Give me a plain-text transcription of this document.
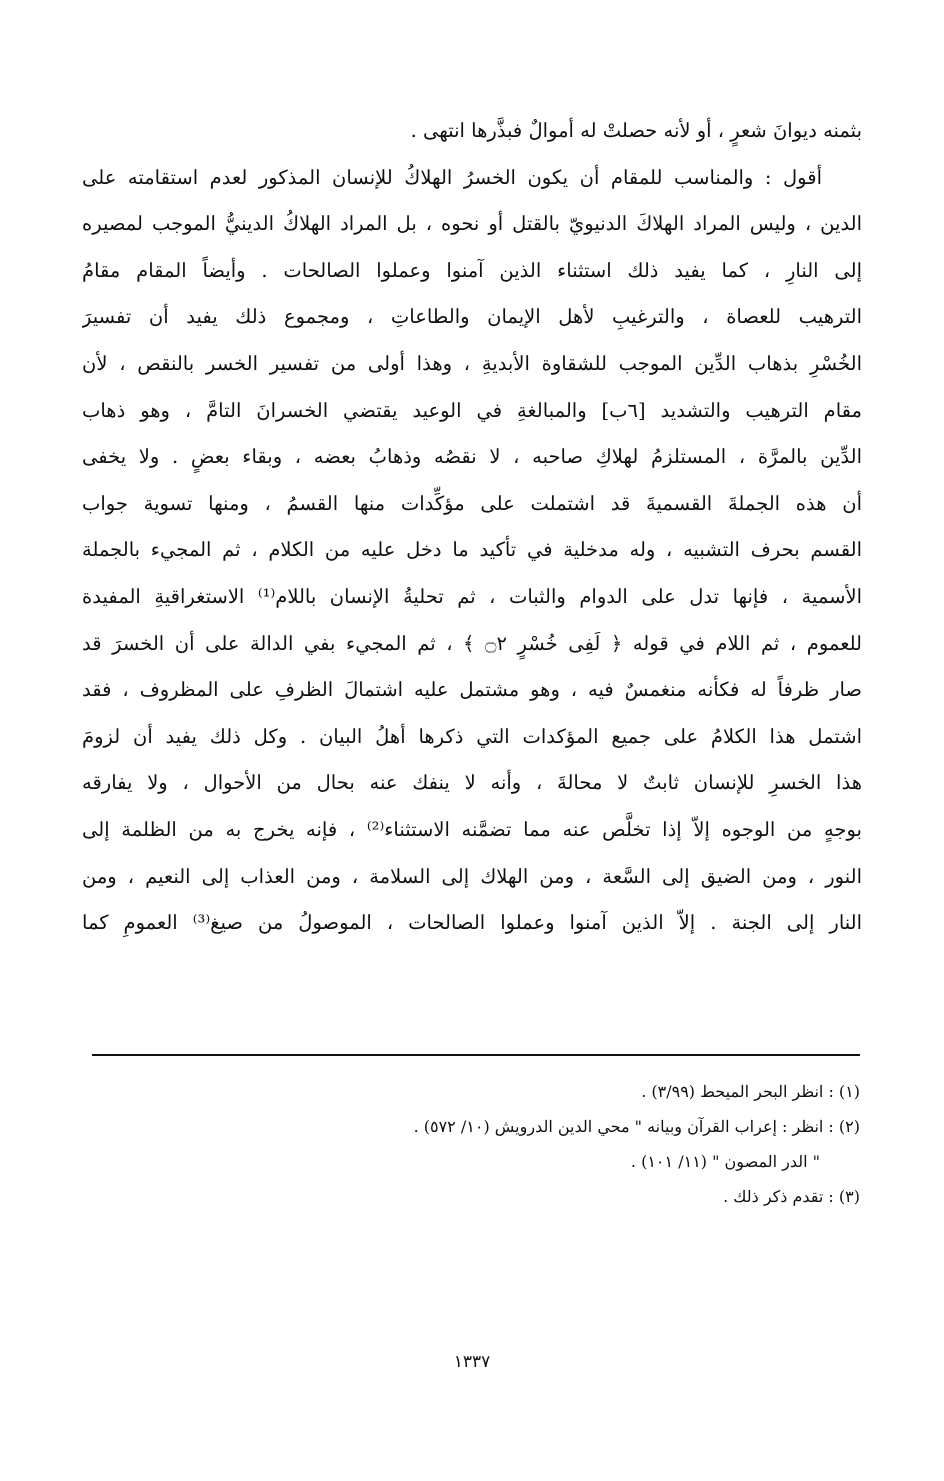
بثمنه ديوانَ شعرٍ ، أو لأنه حصلتْ له أموالٌ فبذَّرها انتهى .
أقول : والمناسب للمقام أن يكون الخسرُ الهلاكُ للإنسان المذكور لعدم استقامته على
الدين ، وليس المراد الهلاكَ الدنيويّ بالقتل أو نحوه ، بل المراد الهلاكُ الدينيُّ الموجب لمصيره
إلى النارِ ، كما يفيد ذلك استثناء الذين آمنوا وعملوا الصالحات . وأيضاً المقام مقامُ
الترهيب للعصاة ، والترغيبِ لأهل الإيمان والطاعاتِ ، ومجموع ذلك يفيد أن تفسيرَ
الخُسْرِ بذهاب الدِّين الموجب للشقاوة الأبديةِ ، وهذا أولى من تفسير الخسر بالنقص ، لأن
مقام الترهيب والتشديد [٦ب] والمبالغةِ في الوعيد يقتضي الخسرانَ التامَّ ، وهو ذهاب
الدِّين بالمرَّة ، المستلزمُ لهلاكِ صاحبه ، لا نقصُه وذهابُ بعضه ، وبقاء بعضٍ . ولا يخفى
أن هذه الجملةَ القسميةَ قد اشتملت على مؤكِّدات منها القسمُ ، ومنها تسوية جواب
القسم بحرف التشبيه ، وله مدخلية في تأكيد ما دخل عليه من الكلام ، ثم المجيء بالجملة
الأسمية ، فإنها تدل على الدوام والثبات ، ثم تحليةُ الإنسان باللام⁽¹⁾ الاستغراقيةِ المفيدة
للعموم ، ثم اللام في قوله ﴿ لَفِى خُسْرٍ ۝٢ ﴾ ، ثم المجيء بفي الدالة على أن الخسرَ قد
صار ظرفاً له فكأنه منغمسٌ فيه ، وهو مشتمل عليه اشتمالَ الظرفِ على المظروف ، فقد
اشتمل هذا الكلامُ على جميع المؤكدات التي ذكرها أهلُ البيان . وكل ذلك يفيد أن لزومَ
هذا الخسرِ للإنسان ثابتٌ لا محالةَ ، وأنه لا ينفك عنه بحال من الأحوال ، ولا يفارقه
بوجهٍ من الوجوه إلاّ إذا تخلَّص عنه مما تضمَّنه الاستثناء⁽²⁾ ، فإنه يخرج به من الظلمة إلى
النور ، ومن الضيق إلى السَّعة ، ومن الهلاك إلى السلامة ، ومن العذاب إلى النعيم ، ومن
النار إلى الجنة . إلاّ الذين آمنوا وعملوا الصالحات ، الموصولُ من صيغ⁽³⁾ العمومِ كما
(١) : انظر البحر الميحط (٣/٩٩) .
(٢) : انظر : إعراب القرآن وبيانه " محي الدين الدرويش (١٠/ ٥٧٢) .
" الدر المصون " (١١/ ١٠١) .
(٣) : تقدم ذكر ذلك .
١٣٣٧
